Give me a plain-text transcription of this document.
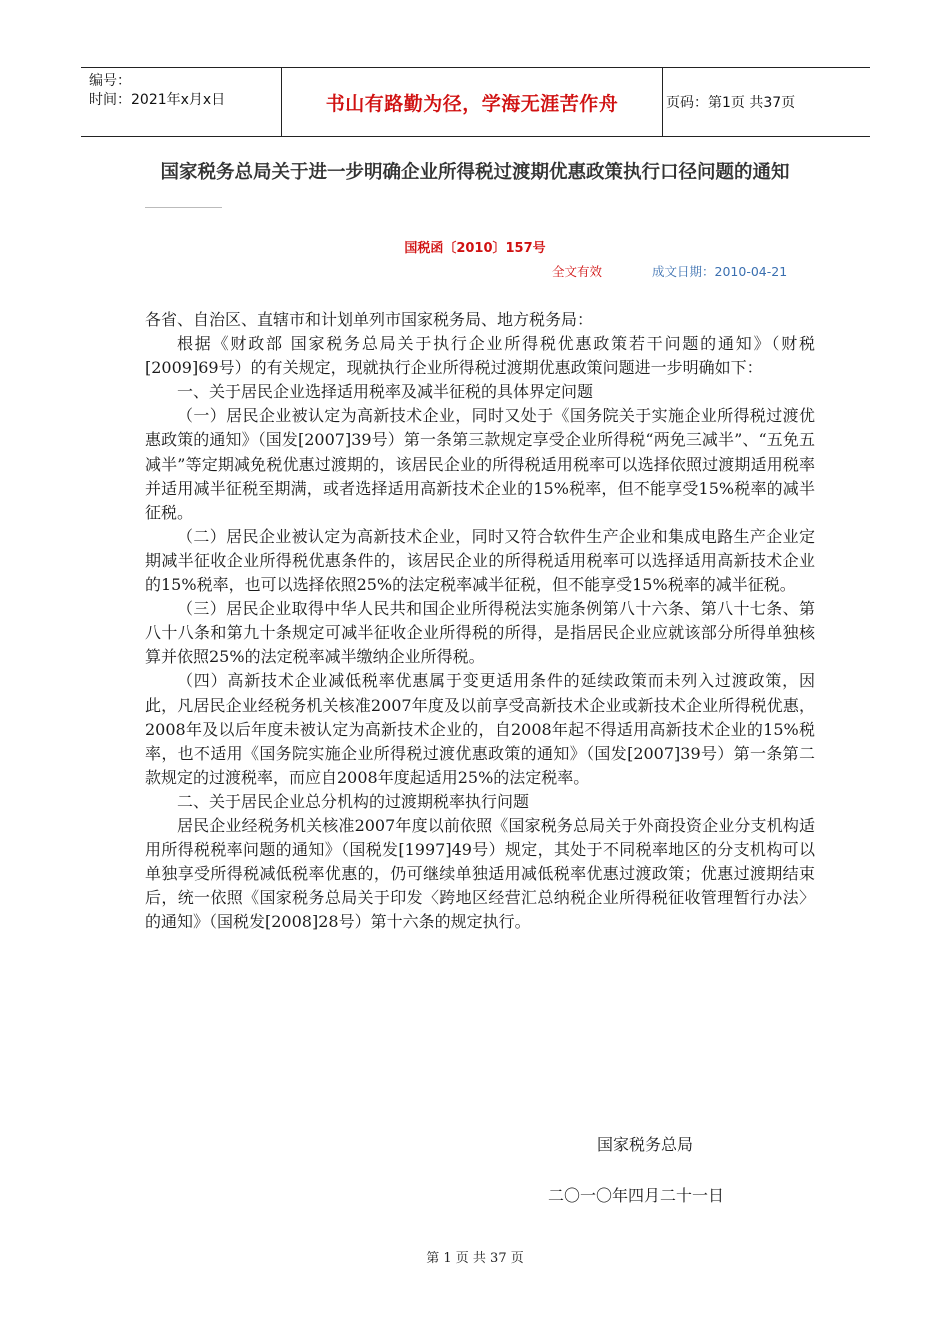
编号：
时间：2021年x月x日	书山有路勤为径，学海无涯苦作舟	页码：第1页 共37页
国家税务总局关于进一步明确企业所得税过渡期优惠政策执行口径问题的通知
国税函〔2010〕157号
全文有效	成文日期：2010-04-21

各省、自治区、直辖市和计划单列市国家税务局、地方税务局：

根据《财政部 国家税务总局关于执行企业所得税优惠政策若干问题的通知》（财税[2009]69号）的有关规定，现就执行企业所得税过渡期优惠政策问题进一步明确如下：

一、关于居民企业选择适用税率及减半征税的具体界定问题

（一）居民企业被认定为高新技术企业，同时又处于《国务院关于实施企业所得税过渡优惠政策的通知》（国发[2007]39号）第一条第三款规定享受企业所得税“两免三减半”、“五免五减半”等定期减免税优惠过渡期的，该居民企业的所得税适用税率可以选择依照过渡期适用税率并适用减半征税至期满，或者选择适用高新技术企业的15%税率，但不能享受15%税率的减半征税。

（二）居民企业被认定为高新技术企业，同时又符合软件生产企业和集成电路生产企业定期减半征收企业所得税优惠条件的，该居民企业的所得税适用税率可以选择适用高新技术企业的15%税率，也可以选择依照25%的法定税率减半征税，但不能享受15%税率的减半征税。

（三）居民企业取得中华人民共和国企业所得税法实施条例第八十六条、第八十七条、第八十八条和第九十条规定可减半征收企业所得税的所得，是指居民企业应就该部分所得单独核算并依照25%的法定税率减半缴纳企业所得税。

（四）高新技术企业减低税率优惠属于变更适用条件的延续政策而未列入过渡政策，因此，凡居民企业经税务机关核准2007年度及以前享受高新技术企业或新技术企业所得税优惠，2008年及以后年度未被认定为高新技术企业的，自2008年起不得适用高新技术企业的15%税率，也不适用《国务院实施企业所得税过渡优惠政策的通知》（国发[2007]39号）第一条第二款规定的过渡税率，而应自2008年度起适用25%的法定税率。

二、关于居民企业总分机构的过渡期税率执行问题

居民企业经税务机关核准2007年度以前依照《国家税务总局关于外商投资企业分支机构适用所得税税率问题的通知》（国税发[1997]49号）规定，其处于不同税率地区的分支机构可以单独享受所得税减低税率优惠的，仍可继续单独适用减低税率优惠过渡政策；优惠过渡期结束后，统一依照《国家税务总局关于印发〈跨地区经营汇总纳税企业所得税征收管理暂行办法〉的通知》（国税发[2008]28号）第十六条的规定执行。

国家税务总局
二〇一〇年四月二十一日
第 1 页 共 37 页
